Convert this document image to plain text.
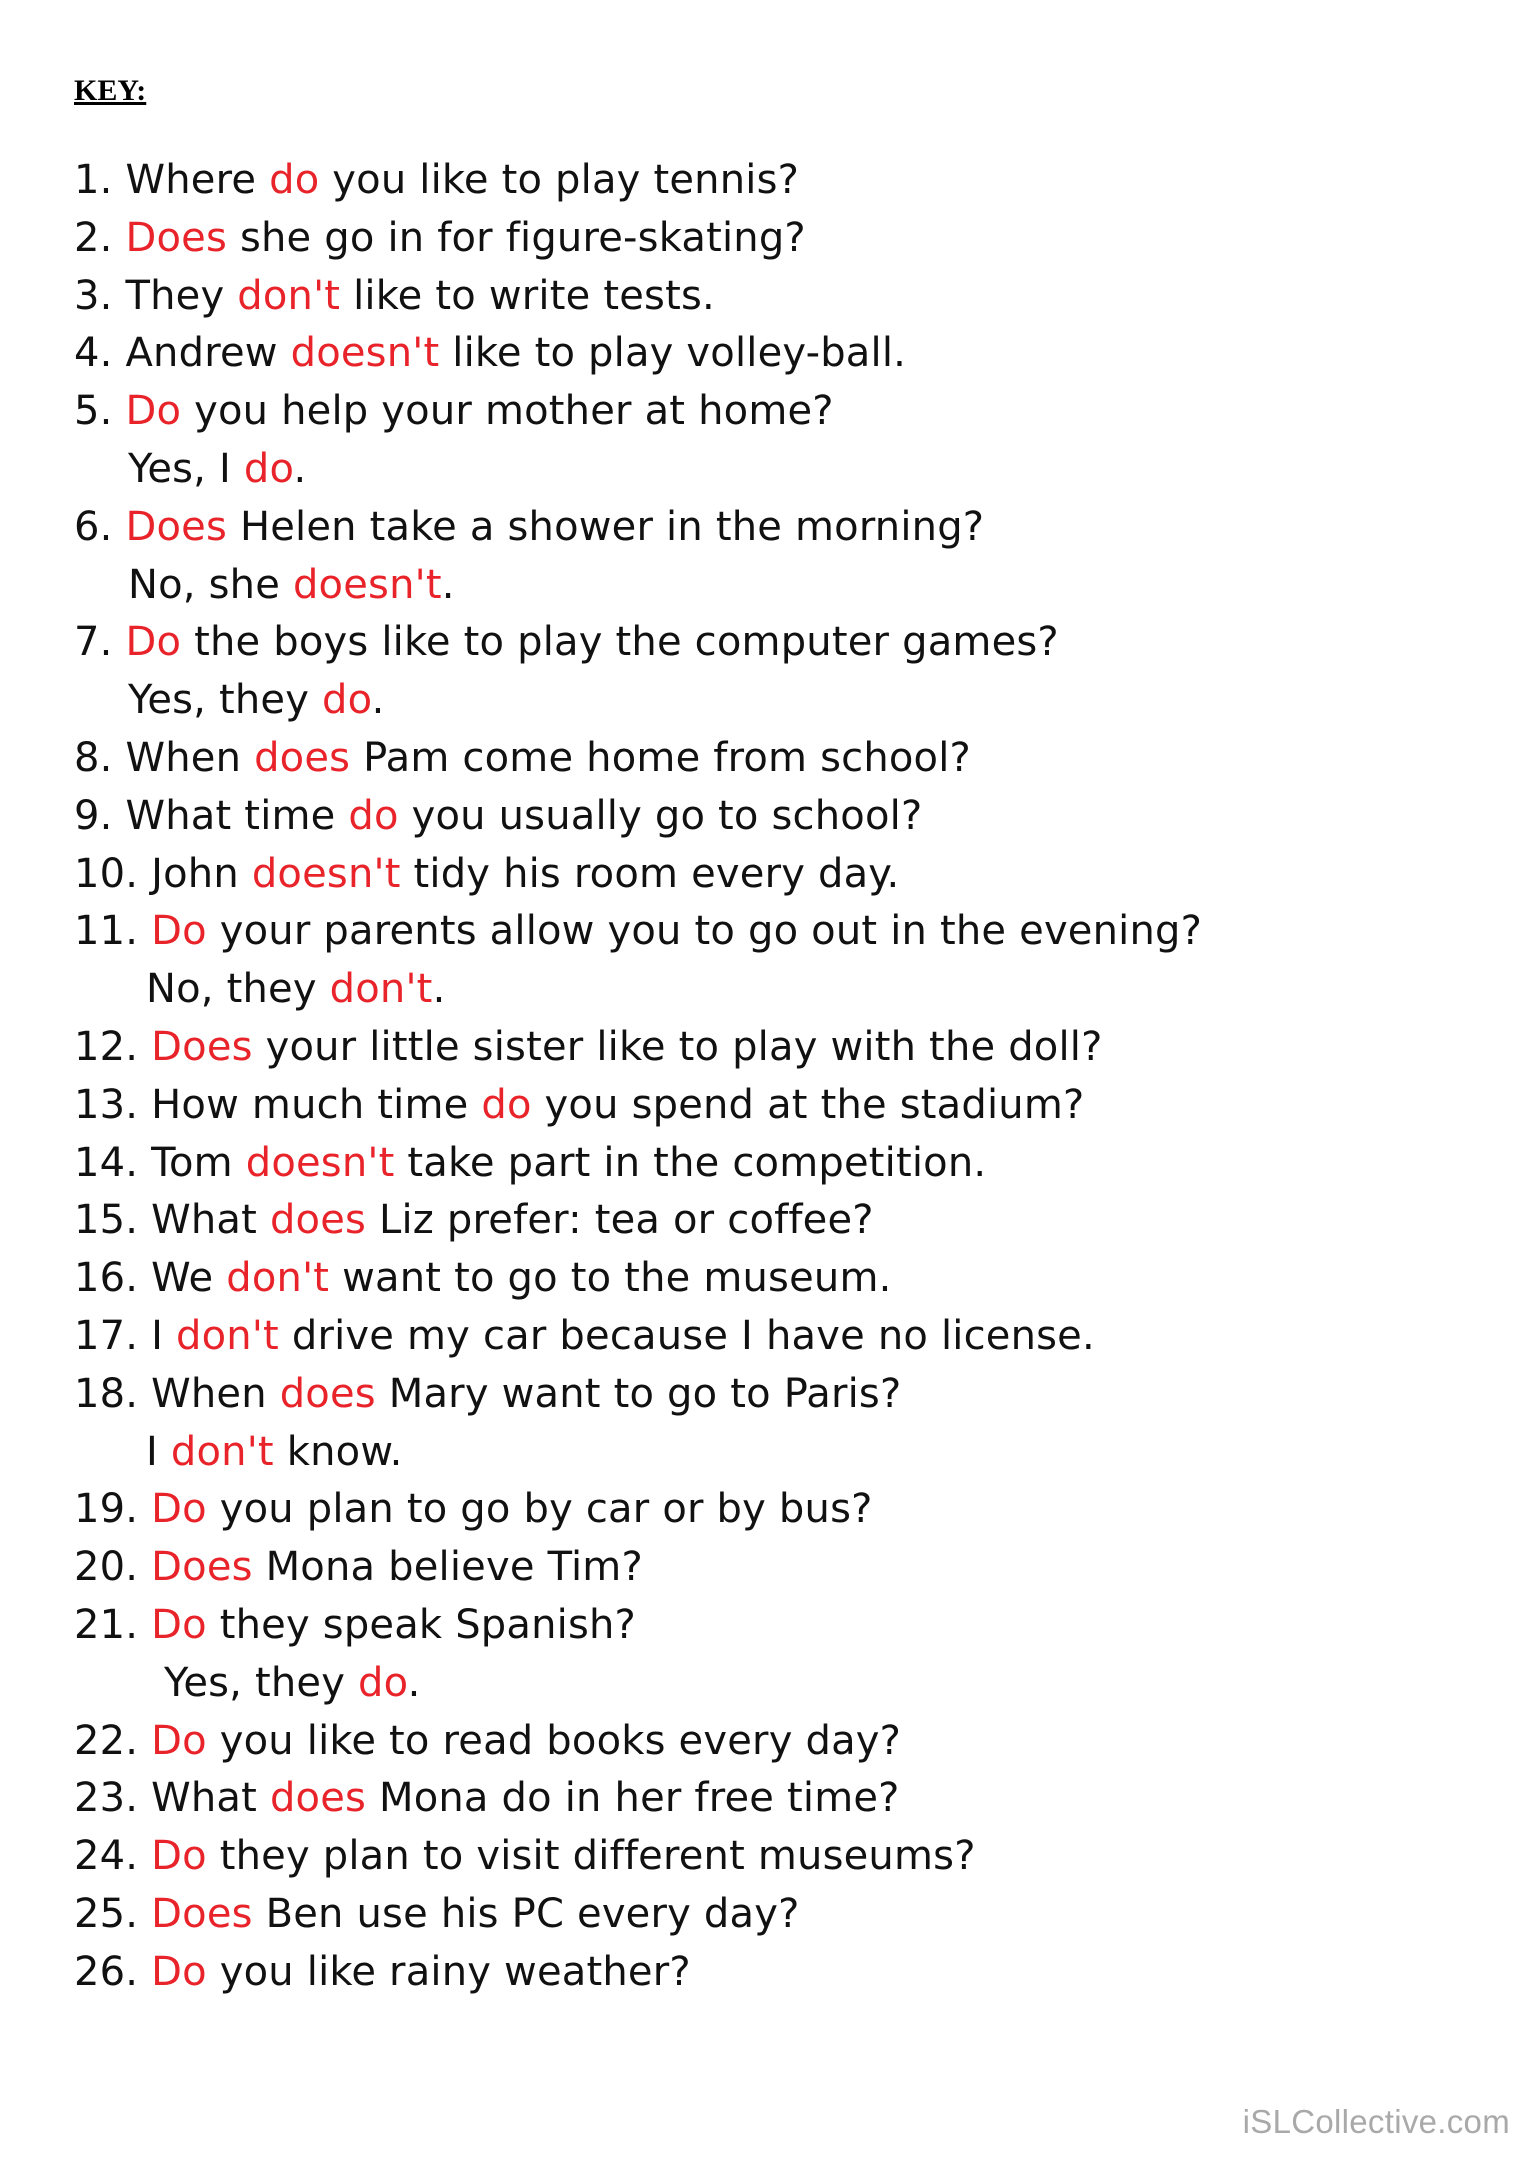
KEY:
1. Where do you like to play tennis?
2. Does she go in for figure-skating?
3. They don't like to write tests.
4. Andrew doesn't like to play volley-ball.
5. Do you help your mother at home?
Yes, I do.
6. Does Helen take a shower in the morning?
No, she doesn't.
7. Do the boys like to play the computer games?
Yes, they do.
8. When does Pam come home from school?
9. What time do you usually go to school?
10. John doesn't tidy his room every day.
11. Do your parents allow you to go out in the evening?
No, they don't.
12. Does your little sister like to play with the doll?
13. How much time do you spend at the stadium?
14. Tom doesn't take part in the competition.
15. What does Liz prefer: tea or coffee?
16. We don't want to go to the museum.
17. I don't drive my car because I have no license.
18. When does Mary want to go to Paris?
I don't know.
19. Do you plan to go by car or by bus?
20. Does Mona believe Tim?
21. Do they speak Spanish?
Yes, they do.
22. Do you like to read books every day?
23. What does Mona do in her free time?
24. Do they plan to visit different museums?
25. Does Ben use his PC every day?
26. Do you like rainy weather?
iSLCollective.com
